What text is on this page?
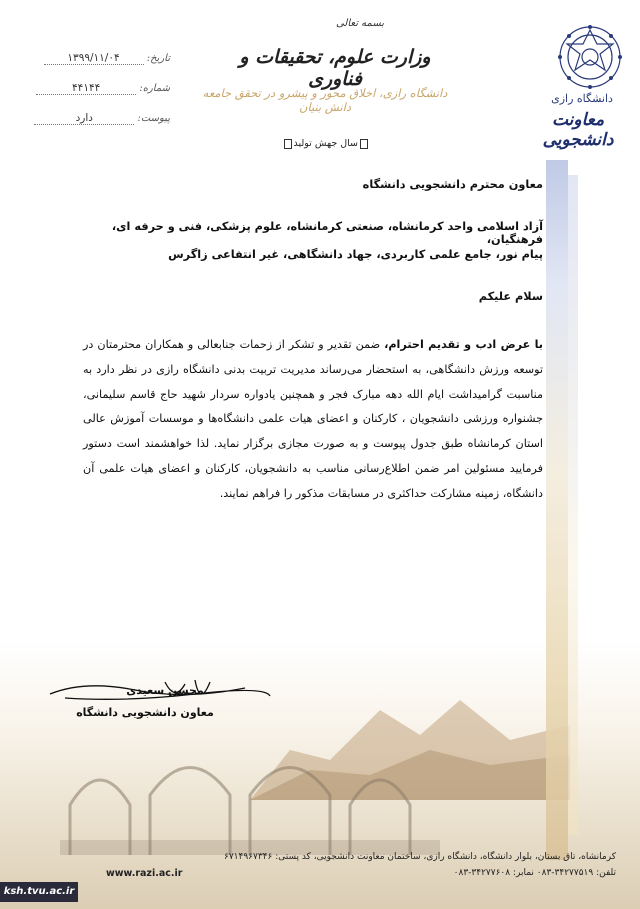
دانشگاه رازی
معاونت دانشجویی
بسمه تعالی
وزارت علوم، تحقیقات و فناوری
دانشگاه رازی، اخلاق محور و پیشرو در تحقق جامعه دانش بنیان
تاریخ: ۱۳۹۹/۱۱/۰۴
شماره: ۴۴۱۴۴
پیوست: دارد
سال جهش تولید
معاون محترم دانشجویی دانشگاه
آزاد اسلامی واحد کرمانشاه، صنعتی کرمانشاه، علوم پزشکی، فنی و حرفه ای، فرهنگیان،
پیام نور، جامع علمی کاربردی، جهاد دانشگاهی، غیر انتفاعی زاگرس
سلام علیکم
با عرض ادب و تقدیم احترام، ضمن تقدیر و تشکر از زحمات جنابعالی و همکاران محترمتان در توسعه ورزش دانشگاهی، به استحضار می‌رساند مدیریت تربیت بدنی دانشگاه رازی در نظر دارد به مناسبت گرامیداشت ایام الله دهه مبارک فجر و همچنین یادواره سردار شهید حاج قاسم سلیمانی، جشنواره ورزشی دانشجویان ، کارکنان و اعضای هیات علمی دانشگاه‌ها و موسسات آموزش عالی استان کرمانشاه طبق جدول پیوست و به صورت مجازی برگزار نماید. لذا خواهشمند است دستور فرمایید مسئولین امر ضمن اطلاع‌رسانی مناسب به دانشجویان، کارکنان و اعضای هیات علمی آن دانشگاه، زمینه مشارکت حداکثری در مسابقات مذکور را فراهم نمایند.
محسن سعیدی
معاون دانشجویی دانشگاه
کرمانشاه، تاق بستان، بلوار دانشگاه، دانشگاه رازی، ساختمان معاونت دانشجویی، کد پستی: ۶۷۱۴۹۶۷۳۴۶
تلفن: ۳۴۲۷۷۵۱۹-۰۸۳ نمابر: ۳۴۲۷۷۶۰۸-۰۸۳
www.razi.ac.ir
ksh.tvu.ac.ir
